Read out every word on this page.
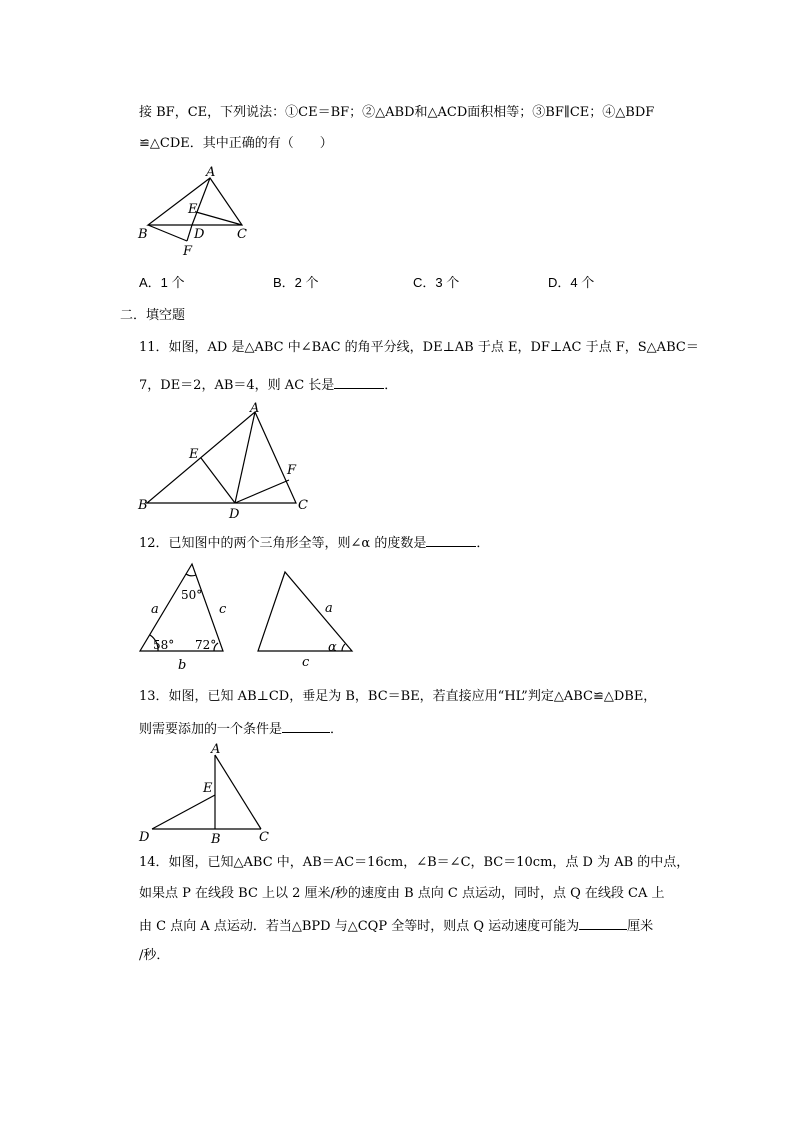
接 BF，CE，下列说法：①CE＝BF；②△ABD和△ACD面积相等；③BF∥CE；④△BDF
≌△CDE．其中正确的有（　　）
A
E
B	D	C
F
A．1 个	B．2 个	C．3 个	D．4 个
二．填空题
11．如图，AD 是△ABC 中∠BAC 的角平分线，DE⊥AB 于点 E，DF⊥AC 于点 F，S△ABC＝
7，DE＝2，AB＝4，则 AC 长是	．
A
E
F
B
D
C
12．已知图中的两个三角形全等，则∠α 的度数是	．
50°
a	c
58° 72°
b
a
α
c
13．如图，已知 AB⊥CD，垂足为 B，BC＝BE，若直接应用“HL”判定△ABC≌△DBE，
则需要添加的一个条件是	．
A
E
D	B	C
14．如图，已知△ABC 中，AB＝AC＝16cm，∠B＝∠C，BC＝10cm，点 D 为 AB 的中点，
如果点 P 在线段 BC 上以 2 厘米/秒的速度由 B 点向 C 点运动，同时，点 Q 在线段 CA 上
由 C 点向 A 点运动．若当△BPD 与△CQP 全等时，则点 Q 运动速度可能为	厘米
/秒．
